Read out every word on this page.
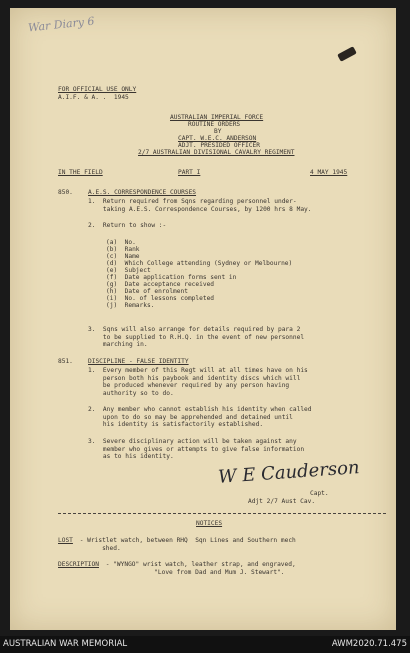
War Diary 6
FOR OFFICIAL USE ONLY
A.I.F. & A. .  1945
AUSTRALIAN IMPERIAL FORCE
ROUTINE ORDERS
BY
CAPT. W.E.C. ANDERSON
ADJT. PRESIDED OFFICER
2/7 AUSTRALIAN DIVISIONAL CAVALRY REGIMENT
IN THE FIELD	PART I	4 MAY 1945
850. A.E.S. CORRESPONDENCE COURSES
1.  Return required from Sqns regarding personnel under-
taking A.E.S. Correspondence Courses, by 1200 hrs 8 May.
2.  Return to show :-
(a)  No.
(b)  Rank
(c)  Name
(d)  Which College attending (Sydney or Melbourne)
(e)  Subject
(f)  Date application forms sent in
(g)  Date acceptance received
(h)  Date of enrolment
(i)  No. of lessons completed
(j)  Remarks.
3.  Sqns will also arrange for details required by para 2
to be supplied to R.H.Q. in the event of new personnel
marching in.
851. DISCIPLINE - FALSE IDENTITY
1.  Every member of this Regt will at all times have on his
person both his paybook and identity discs which will
be produced whenever required by any person having
authority so to do.
2.  Any member who cannot establish his identity when called
upon to do so may be apprehended and detained until
his identity is satisfactorily established.
3.  Severe disciplinary action will be taken against any
member who gives or attempts to give false information
as to his identity.
W E Cauderson
Capt.
Adjt 2/7 Aust Cav.
NOTICES
LOST	- Wristlet watch, between RHQ  Sqn Lines and Southern mech
shed.
DESCRIPTION	- "WYNGO" wrist watch, leather strap, and engraved,
"Love from Dad and Mum J. Stewart".
AUSTRALIAN WAR MEMORIAL	AWM2020.71.475
